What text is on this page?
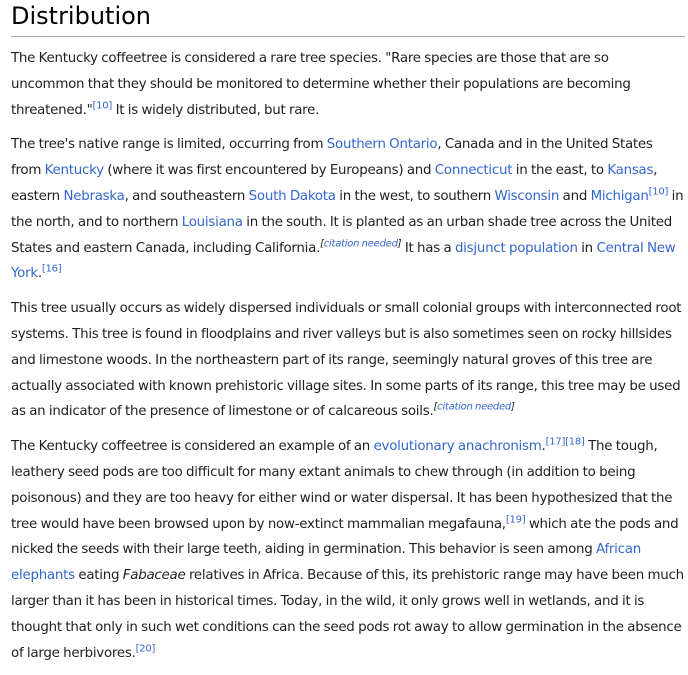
Distribution

The Kentucky coffeetree is considered a rare tree species. "Rare species are those that are so uncommon that they should be monitored to determine whether their populations are becoming threatened."[10] It is widely distributed, but rare.

The tree's native range is limited, occurring from Southern Ontario, Canada and in the United States from Kentucky (where it was first encountered by Europeans) and Connecticut in the east, to Kansas, eastern Nebraska, and southeastern South Dakota in the west, to southern Wisconsin and Michigan[10] in the north, and to northern Louisiana in the south. It is planted as an urban shade tree across the United States and eastern Canada, including California.[citation needed] It has a disjunct population in Central New York.[16]

This tree usually occurs as widely dispersed individuals or small colonial groups with interconnected root systems. This tree is found in floodplains and river valleys but is also sometimes seen on rocky hillsides and limestone woods. In the northeastern part of its range, seemingly natural groves of this tree are actually associated with known prehistoric village sites. In some parts of its range, this tree may be used as an indicator of the presence of limestone or of calcareous soils.[citation needed]

The Kentucky coffeetree is considered an example of an evolutionary anachronism.[17][18] The tough, leathery seed pods are too difficult for many extant animals to chew through (in addition to being poisonous) and they are too heavy for either wind or water dispersal. It has been hypothesized that the tree would have been browsed upon by now-extinct mammalian megafauna,[19] which ate the pods and nicked the seeds with their large teeth, aiding in germination. This behavior is seen among African elephants eating Fabaceae relatives in Africa. Because of this, its prehistoric range may have been much larger than it has been in historical times. Today, in the wild, it only grows well in wetlands, and it is thought that only in such wet conditions can the seed pods rot away to allow germination in the absence of large herbivores.[20]
